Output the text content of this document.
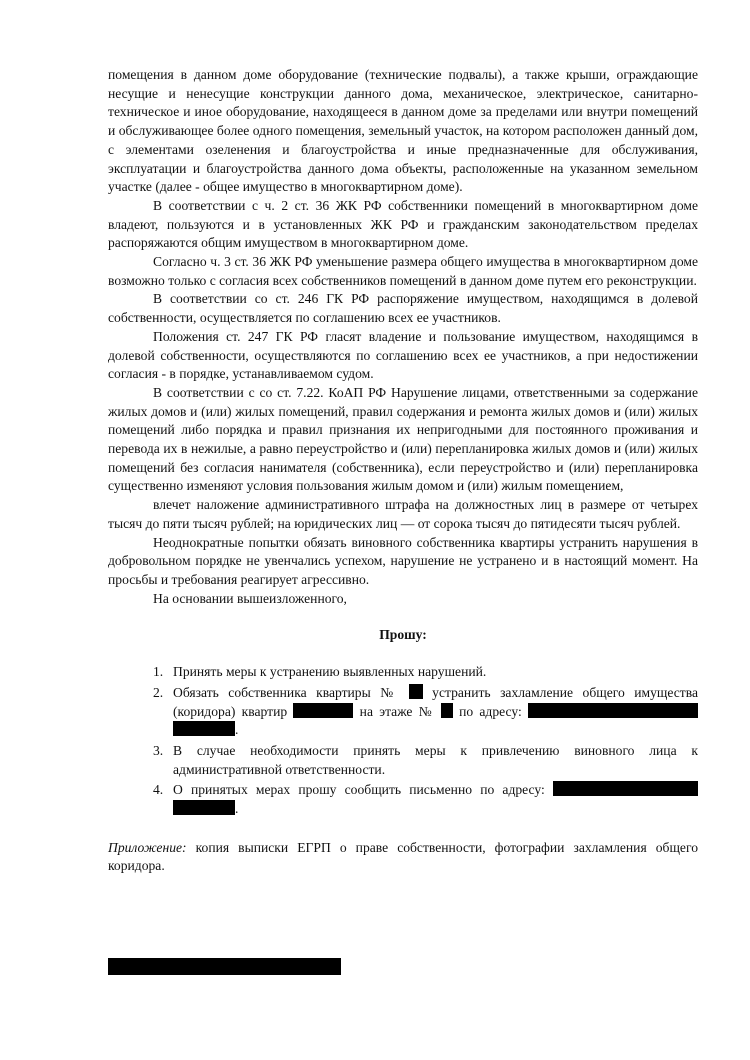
помещения в данном доме оборудование (технические подвалы), а также крыши, ограждающие несущие и ненесущие конструкции данного дома, механическое, электрическое, санитарно-техническое и иное оборудование, находящееся в данном доме за пределами или внутри помещений и обслуживающее более одного помещения, земельный участок, на котором расположен данный дом, с элементами озеленения и благоустройства и иные предназначенные для обслуживания, эксплуатации и благоустройства данного дома объекты, расположенные на указанном земельном участке (далее - общее имущество в многоквартирном доме).

В соответствии с ч. 2 ст. 36 ЖК РФ собственники помещений в многоквартирном доме владеют, пользуются и в установленных ЖК РФ и гражданским законодательством пределах распоряжаются общим имуществом в многоквартирном доме.

Согласно ч. 3 ст. 36 ЖК РФ уменьшение размера общего имущества в многоквартирном доме возможно только с согласия всех собственников помещений в данном доме путем его реконструкции.

В соответствии со ст. 246 ГК РФ распоряжение имуществом, находящимся в долевой собственности, осуществляется по соглашению всех ее участников.

Положения ст. 247 ГК РФ гласят владение и пользование имуществом, находящимся в долевой собственности, осуществляются по соглашению всех ее участников, а при недостижении согласия - в порядке, устанавливаемом судом.

В соответствии с со ст. 7.22. КоАП РФ Нарушение лицами, ответственными за содержание жилых домов и (или) жилых помещений, правил содержания и ремонта жилых домов и (или) жилых помещений либо порядка и правил признания их непригодными для постоянного проживания и перевода их в нежилые, а равно переустройство и (или) перепланировка жилых домов и (или) жилых помещений без согласия нанимателя (собственника), если переустройство и (или) перепланировка существенно изменяют условия пользования жилым домом и (или) жилым помещением,

влечет наложение административного штрафа на должностных лиц в размере от четырех тысяч до пяти тысяч рублей; на юридических лиц — от сорока тысяч до пятидесяти тысяч рублей.

Неоднократные попытки обязать виновного собственника квартиры устранить нарушения в добровольном порядке не увенчались успехом, нарушение не устранено и в настоящий момент. На просьбы и требования реагирует агрессивно.

На основании вышеизложенного,

Прошу:

1. Принять меры к устранению выявленных нарушений.
2. Обязать собственника квартиры № устранить захламление общего имущества (коридора) квартир	на этаже № по адресу:  .
3. В случае необходимости принять меры к привлечению виновного лица к административной ответственности.
4. О принятых мерах прошу сообщить письменно по адресу:  .

Приложение: копия выписки ЕГРП о праве собственности, фотографии захламления общего коридора.
